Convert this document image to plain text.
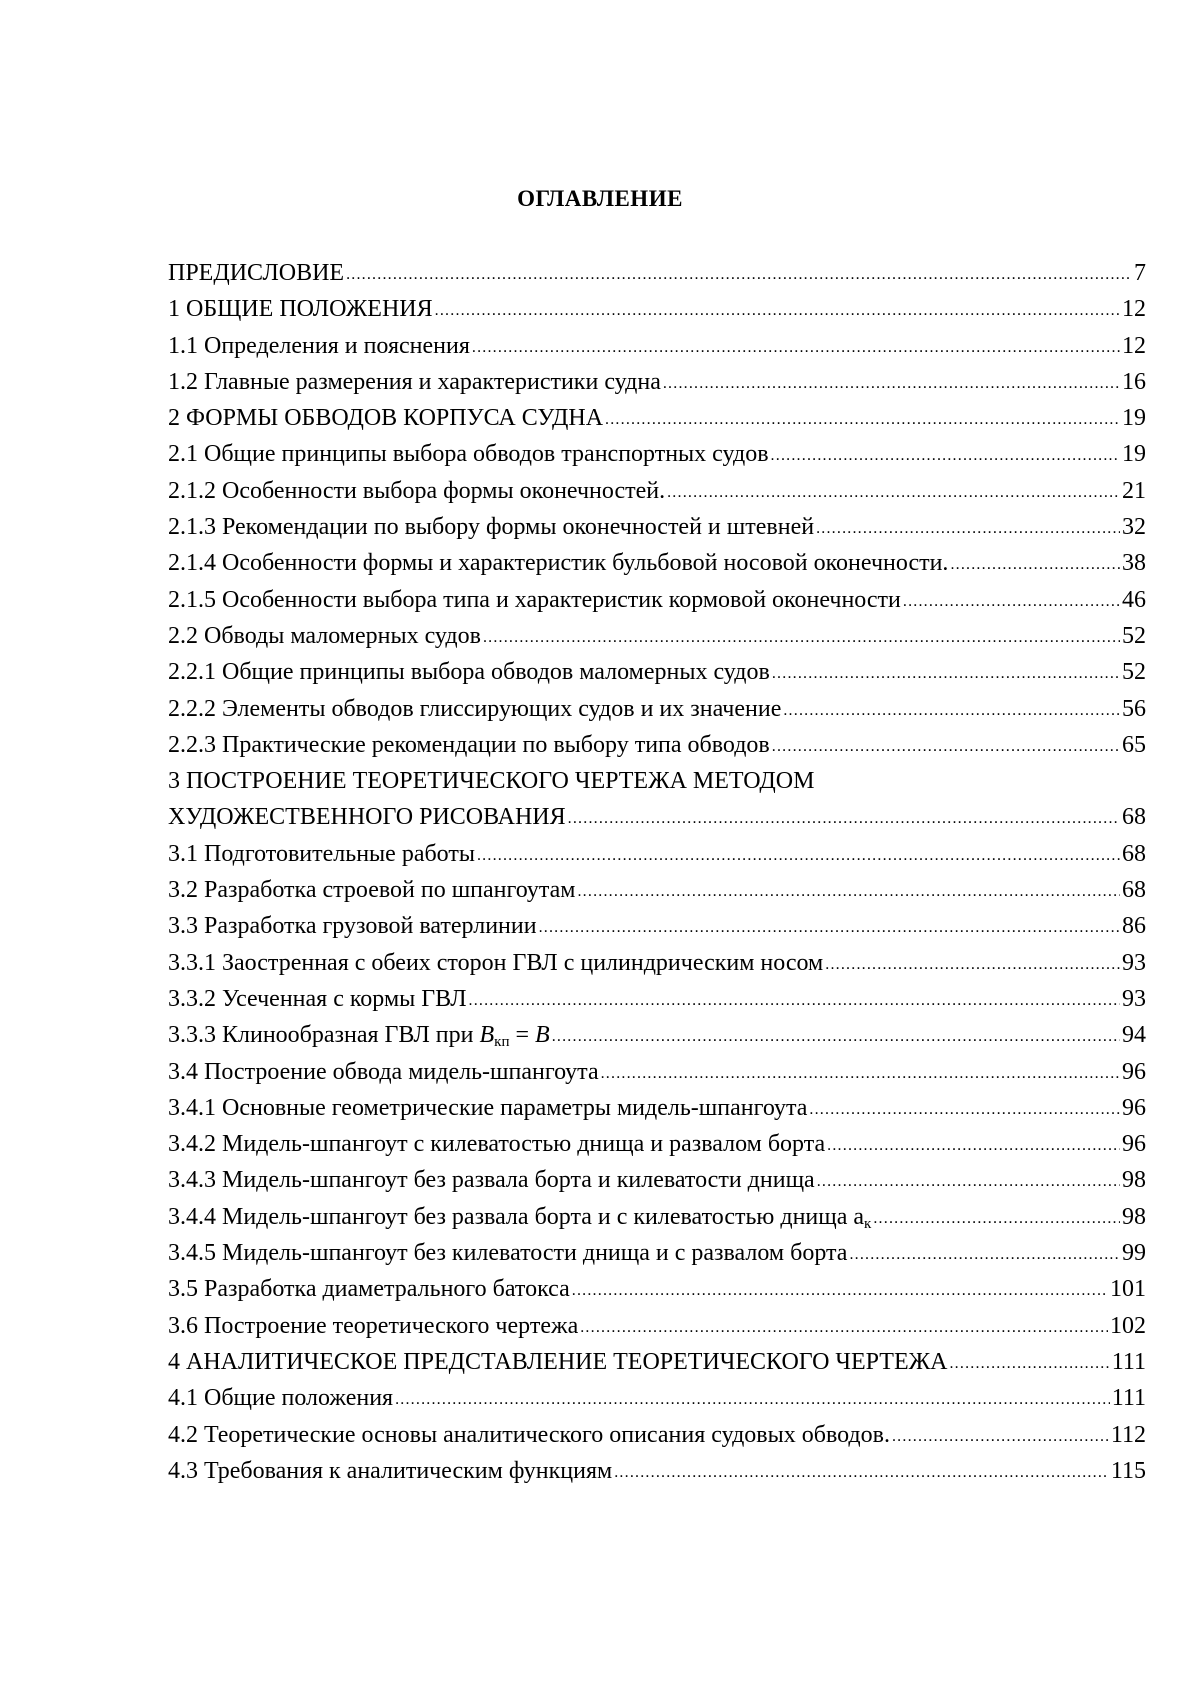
ОГЛАВЛЕНИЕ
ПРЕДИСЛОВИЕ .....	7
1 ОБЩИЕ ПОЛОЖЕНИЯ .....	12
1.1 Определения и пояснения .....	12
1.2 Главные размерения и характеристики судна .....	16
2 ФОРМЫ ОБВОДОВ КОРПУСА СУДНА .....	19
2.1 Общие принципы выбора обводов транспортных судов .....	19
2.1.2 Особенности выбора формы оконечностей. .....	21
2.1.3 Рекомендации по выбору формы оконечностей и штевней .....	32
2.1.4 Особенности формы и характеристик бульбовой носовой оконечности. .....	38
2.1.5 Особенности выбора типа и характеристик кормовой оконечности .....	46
2.2 Обводы маломерных судов .....	52
2.2.1 Общие принципы выбора обводов маломерных судов .....	52
2.2.2 Элементы обводов глиссирующих судов и их значение .....	56
2.2.3 Практические рекомендации по выбору типа обводов .....	65
3 ПОСТРОЕНИЕ ТЕОРЕТИЧЕСКОГО ЧЕРТЕЖА МЕТОДОМ
ХУДОЖЕСТВЕННОГО РИСОВАНИЯ .....	68
3.1 Подготовительные работы .....	68
3.2 Разработка строевой по шпангоутам .....	68
3.3 Разработка грузовой ватерлинии .....	86
3.3.1 Заостренная с обеих сторон ГВЛ с цилиндрическим носом .....	93
3.3.2 Усеченная с кормы ГВЛ .....	93
3.3.3 Клинообразная ГВЛ при $B_{кп} = B$ .....	94
3.4 Построение обвода мидель-шпангоута .....	96
3.4.1 Основные геометрические параметры мидель-шпангоута .....	96
3.4.2 Мидель-шпангоут с килеватостью днища и развалом борта .....	96
3.4.3 Мидель-шпангоут без развала борта и килеватости днища .....	98
3.4.4 Мидель-шпангоут без развала борта и с килеватостью днища $a_к$ .....	98
3.4.5 Мидель-шпангоут без килеватости днища и с развалом борта .....	99
3.5 Разработка диаметрального батокса .....	101
3.6 Построение теоретического чертежа .....	102
4 АНАЛИТИЧЕСКОЕ ПРЕДСТАВЛЕНИЕ ТЕОРЕТИЧЕСКОГО ЧЕРТЕЖА .....	111
4.1 Общие положения .....	111
4.2 Теоретические основы аналитического описания судовых обводов. .....	112
4.3 Требования к аналитическим функциям .....	115
